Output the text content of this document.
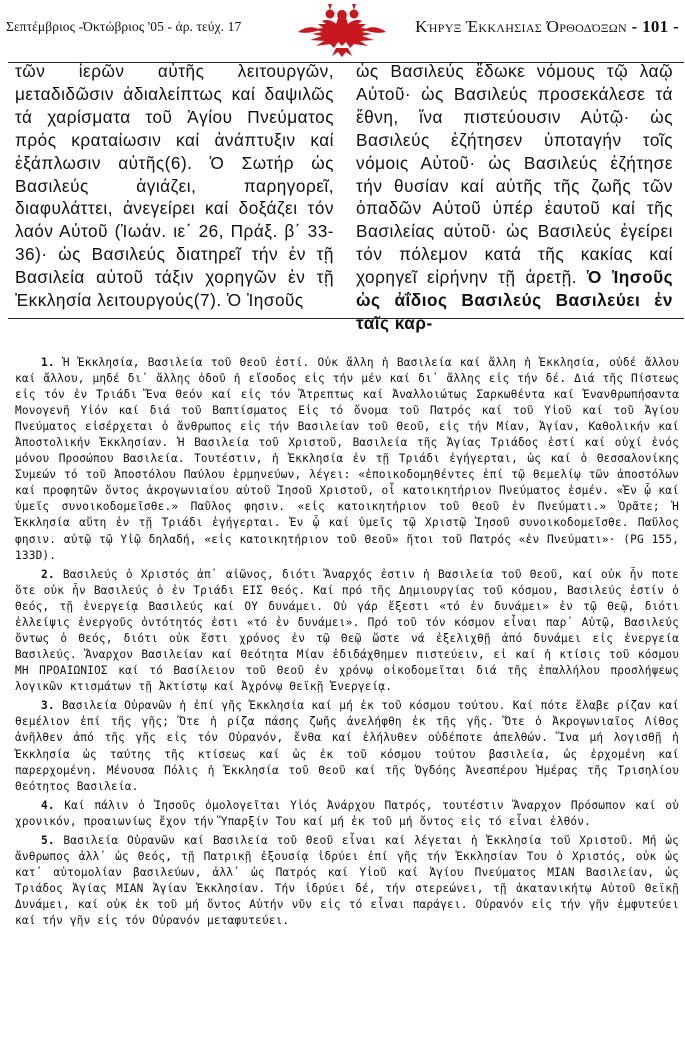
Σεπτέμβριος -Όκτώβριος '05 - άρ. τεύχ. 17	Κήρυξ Έκκλησιας Όρθοδόξων - 101 -

τῶν ἱερῶν αὐτῆς λειτουργῶν, μεταδιδῶσιν ἀδιαλείπτως καί δαψιλῶς τά χαρίσματα τοῦ Ἁγίου Πνεύματος πρός κραταίωσιν καί ἀνάπτυξιν καί ἐξάπλωσιν αὐτῆς(6). Ὁ Σωτήρ ὡς Βασιλεύς ἁγιάζει, παρηγορεῖ, διαφυλάττει, ἀνεγείρει καί δοξάζει τόν λαόν Αὐτοῦ (Ἰωάν. ιε΄ 26, Πράξ. β΄ 33-36)· ὡς Βασιλεύς διατηρεῖ τήν ἐν τῇ Βασιλεία αὐτοῦ τάξιν χορηγῶν ἐν τῇ Ἐκκλησία λειτουργούς(7). Ὁ Ἰησοῦς

ὡς Βασιλεύς ἔδωκε νόμους τῷ λαῷ Αὐτοῦ· ὡς Βασιλεύς προσεκάλεσε τά ἔθνη, ἵνα πιστεύουσιν Αὐτῷ· ὡς Βασιλεύς ἐζήτησεν ὑποταγήν τοῖς νόμοις Αὐτοῦ· ὡς Βασιλεύς ἐζήτησε τήν θυσίαν καί αὐτῆς τῆς ζωῆς τῶν ὀπαδῶν Αὐτοῦ ὑπέρ ἑαυτοῦ καί τῆς Βασιλείας αὐτοῦ· ὡς Βασιλεύς ἐγείρει τόν πόλεμον κατά τῆς κακίας καί χορηγεῖ εἰρήνην τῇ ἀρετῇ. Ὁ Ἰησοῦς ὡς ἀΐδιος Βασιλεύς Βασιλεύει ἐν ταῖς καρ-

1. Ἡ Ἐκκλησία, Βασιλεία τοῦ Θεοῦ ἐστί. Οὐκ ἄλλη ἡ Βασιλεία καί ἄλλη ἡ Ἐκκλησία, οὐδέ ἄλλου καί ἄλλου, μηδέ δι᾽ ἄλλης ὁδοῦ ἡ εἴσοδος εἰς τήν μέν καί δι᾽ ἄλλης εἰς τήν δέ. Διά τῆς Πίστεως εἰς τόν ἐν Τριάδι Ἕνα Θεόν καί εἰς τόν Ἄτρεπτως καί Ἀναλλοιώτως Σαρκωθέντα καί Ἐνανθρωπήσαντα Μονογενῆ Υἱόν καί διά τοῦ Βαπτίσματος Εἰς τό ὄνομα τοῦ Πατρός καί τοῦ Υἱοῦ καί τοῦ Ἁγίου Πνεύματος εἰσέρχεται ὁ ἄνθρωπος εἰς τήν Βασιλείαν τοῦ Θεοῦ, εἰς τήν Μίαν, Ἁγίαν, Καθολικήν καί Ἀποστολικήν Ἐκκλησίαν. Ἡ Βασιλεία τοῦ Χριστοῦ, Βασιλεία τῆς Ἁγίας Τριάδος ἐστί καί οὐχί ἑνός μόνου Προσώπου Βασιλεία. Τουτέστιν, ἡ Ἐκκλησία ἐν τῇ Τριάδι ἐγήγερται, ὡς καί ὁ Θεσσαλονίκης Συμεών τό τοῦ Ἀποστόλου Παύλου ἑρμηνεύων, λέγει: «ἐποικοδομηθέντες ἐπί τῷ θεμελίῳ τῶν ἀποστόλων καί προφητῶν ὄντος ἀκρογωνιαίου αὐτοῦ Ἰησοῦ Χριστοῦ, οἷ κατοικητήριον Πνεύματος ἐσμέν. «Ἐν ᾧ καί ὑμεῖς συνοικοδομεῖσθε.» Παῦλος φησιν. «εἰς κατοικητήριον τοῦ Θεοῦ ἐν Πνεύματι.» Ὁρᾶτε; Ἡ Ἐκκλησία αὕτη ἐν τῇ Τριάδι ἐγήγερται. Ἐν ᾧ καί ὑμεῖς τῷ Χριστῷ Ἰησοῦ συνοικοδομεῖσθε. Παῦλος φησιν. αὐτῷ τῷ Υἱῷ δηλαδή, «εἰς κατοικητήριον τοῦ Θεοῦ» ἤτοι τοῦ Πατρός «ἐν Πνεύματι»· (PG 155, 133D).

2. Βασιλεύς ὁ Χριστός ἀπ᾽ αἰῶνος, διότι Ἄναρχός ἐστιν ἡ Βασιλεία τοῦ Θεοῦ, καί οὐκ ἦν ποτε ὅτε οὐκ ἦν Βασιλεύς ὁ ἐν Τριάδι ΕΙΣ Θεός. Καί πρό τῆς Δημιουργίας τοῦ κόσμου, Βασιλεύς ἐστίν ὁ Θεός, τῇ ἐνεργείᾳ Βασιλεύς καί ΟΥ δυνάμει. Οὐ γάρ ἔξεστι «τό ἐν δυνάμει» ἐν τῷ Θεῷ, διότι ἐλλείψις ἐνεργοῦς ὀντότητός ἐστι «τό ἐν δυνάμει». Πρό τοῦ τόν κόσμον εἶναι παρ᾽ Αὐτῷ, Βασιλεύς ὄντως ὁ Θεός, διότι οὐκ ἔστι χρόνος ἐν τῷ Θεῷ ὥστε νά ἐξελιχθῇ ἀπό δυνάμει εἰς ἐνεργεία Βασιλεύς. Ἄναρχον Βασιλείαν καί Θεότητα Μίαν ἐδιδάχθημεν πιστεύειν, εἰ καί ἡ κτίσις τοῦ κόσμου ΜΗ ΠΡΟΑΙΩΝΙΟΣ καί τό Βασίλειον τοῦ Θεοῦ ἐν χρόνῳ οἰκοδομεῖται διά τῆς ἐπαλλήλου προσλήψεως λογικῶν κτισμάτων τῇ Ἀκτίστῳ καί Ἀχρόνῳ Θεϊκῇ Ἐνεργείᾳ.

3. Βασιλεία Οὐρανῶν ἡ ἐπί γῆς Ἐκκλησία καί μή ἐκ τοῦ κόσμου τούτου. Καί πότε ἔλαβε ρίζαν καί θεμέλιον ἐπί τῆς γῆς; Ὅτε ἡ ρίζα πάσης ζωῆς ἀνελήφθη ἐκ τῆς γῆς. Ὅτε ὁ Ἀκρογωνιαῖος Λίθος ἀνῆλθεν ἀπό τῆς γῆς εἰς τόν Οὐρανόν, ἔνθα καί ἐλήλυθεν οὐδέποτε ἀπελθών. Ἵνα μή λογισθῇ ἡ Ἐκκλησία ὡς ταύτης τῆς κτίσεως καί ὡς ἐκ τοῦ κόσμου τούτου βασιλεία, ὡς ἐρχομένη καί παρερχομένη. Μένουσα Πόλις ἡ Ἐκκλησία τοῦ Θεοῦ καί τῆς Ὀγδόης Ἀνεσπέρου Ἡμέρας τῆς Τρισηλίου Θεότητος Βασιλεία.

4. Καί πάλιν ὁ Ἰησοῦς ὁμολογεῖται Υἱός Ἀνάρχου Πατρός, τουτέστιν Ἄναρχον Πρόσωπον καί οὐ χρονικόν, προαιωνίως ἔχον τήν Ὕπαρξίν Του καί μή ἐκ τοῦ μή ὄντος εἰς τό εἶναι ἐλθόν.

5. Βασιλεία Οὐρανῶν καί Βασιλεία τοῦ Θεοῦ εἶναι καί λέγεται ἡ Ἐκκλησία τοῦ Χριστοῦ. Μή ὡς ἄνθρωπος ἀλλ᾽ ὡς Θεός, τῇ Πατρικῇ ἐξουσίᾳ ἱδρύει ἐπί γῆς τήν Ἐκκλησίαν Του ὁ Χριστός, οὐκ ὡς κατ᾽ αὐτομολίαν βασιλεύων, ἀλλ᾽ ὡς Πατρός καί Υἱοῦ καί Ἁγίου Πνεύματος ΜΙΑΝ Βασιλείαν, ὡς Τριάδος Ἁγίας ΜΙΑΝ Ἁγίαν Ἐκκλησίαν. Τήν ἱδρύει δέ, τήν στερεώνει, τῇ ἀκατανικήτῳ Αὐτοῦ Θεϊκῇ Δυνάμει, καί οὐκ ἐκ τοῦ μή ὄντος Αὐτήν νῦν εἰς τό εἶναι παράγει. Οὐρανόν εἰς τήν γῆν ἐμφυτεύει καί τήν γῆν εἰς τόν Οὐρανόν μεταφυτεύει.
